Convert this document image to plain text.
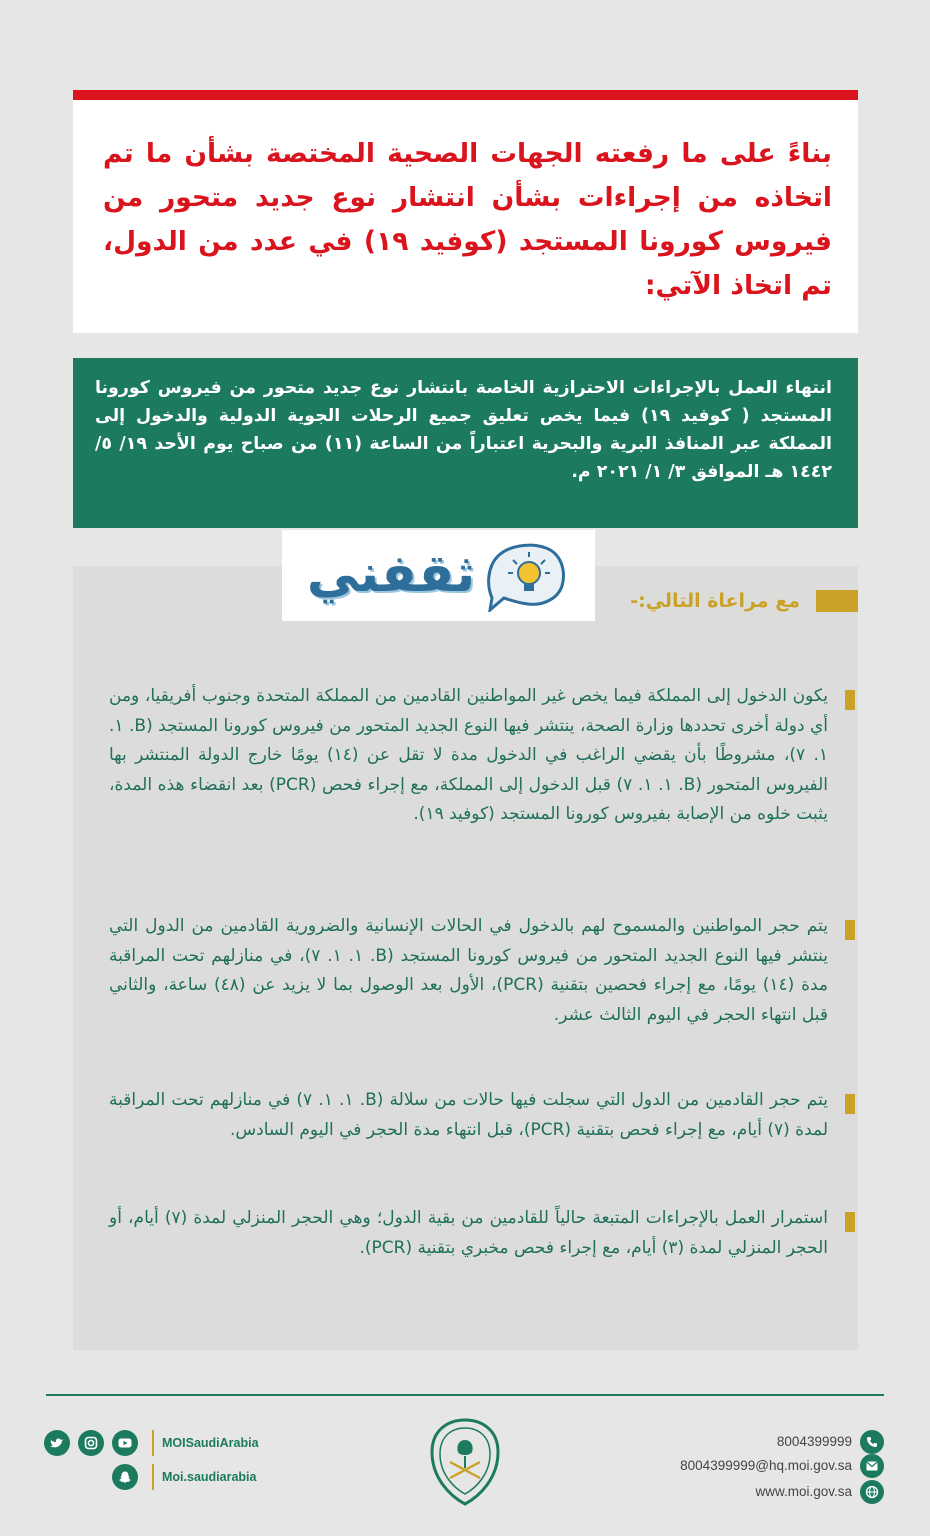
بناءً على ما رفعته الجهات الصحية المختصة بشأن ما تم اتخاذه من إجراءات بشأن انتشار نوع جديد متحور من فيروس كورونا المستجد (كوفيد ١٩) في عدد من الدول، تم اتخاذ الآتي:
انتهاء العمل بالإجراءات الاحترازية الخاصة بانتشار نوع جديد متحور من فيروس كورونا المستجد ( كوفيد ١٩) فيما يخص تعليق جميع الرحلات الجوية الدولية والدخول إلى المملكة عبر المنافذ البرية والبحرية اعتباراً من الساعة (١١) من صباح يوم الأحد ١٩/ ٥/ ١٤٤٢ هـ الموافق ٣/ ١/ ٢٠٢١ م.
مع مراعاة التالي:-
يكون الدخول إلى المملكة فيما يخص غير المواطنين القادمين من المملكة المتحدة وجنوب أفريقيا، ومن أي دولة أخرى تحددها وزارة الصحة، ينتشر فيها النوع الجديد المتحور من فيروس كورونا المستجد (B. ١. ١. ٧)، مشروطًا بأن يقضي الراغب في الدخول مدة لا تقل عن (١٤) يومًا خارج الدولة المنتشر بها الفيروس المتحور (B. ١. ١. ٧) قبل الدخول إلى المملكة، مع إجراء فحص (PCR) بعد انقضاء هذه المدة، يثبت خلوه من الإصابة بفيروس كورونا المستجد (كوفيد ١٩).
يتم حجر المواطنين والمسموح لهم بالدخول في الحالات الإنسانية والضرورية القادمين من الدول التي ينتشر فيها النوع الجديد المتحور من فيروس كورونا المستجد (B. ١. ١. ٧)، في منازلهم تحت المراقبة مدة (١٤) يومًا، مع إجراء فحصين بتقنية (PCR)، الأول بعد الوصول بما لا يزيد عن (٤٨) ساعة، والثاني قبل انتهاء الحجر في اليوم الثالث عشر.
يتم حجر القادمين من الدول التي سجلت فيها حالات من سلالة (B. ١. ١. ٧) في منازلهم تحت المراقبة لمدة (٧) أيام، مع إجراء فحص بتقنية (PCR)، قبل انتهاء مدة الحجر في اليوم السادس.
استمرار العمل بالإجراءات المتبعة حالياً للقادمين من بقية الدول؛ وهي الحجر المنزلي لمدة (٧) أيام، أو الحجر المنزلي لمدة (٣) أيام، مع إجراء فحص مخبري بتقنية (PCR).
ثقفني
MOISaudiArabia
Moi.saudiarabia
8004399999
8004399999@hq.moi.gov.sa
www.moi.gov.sa
